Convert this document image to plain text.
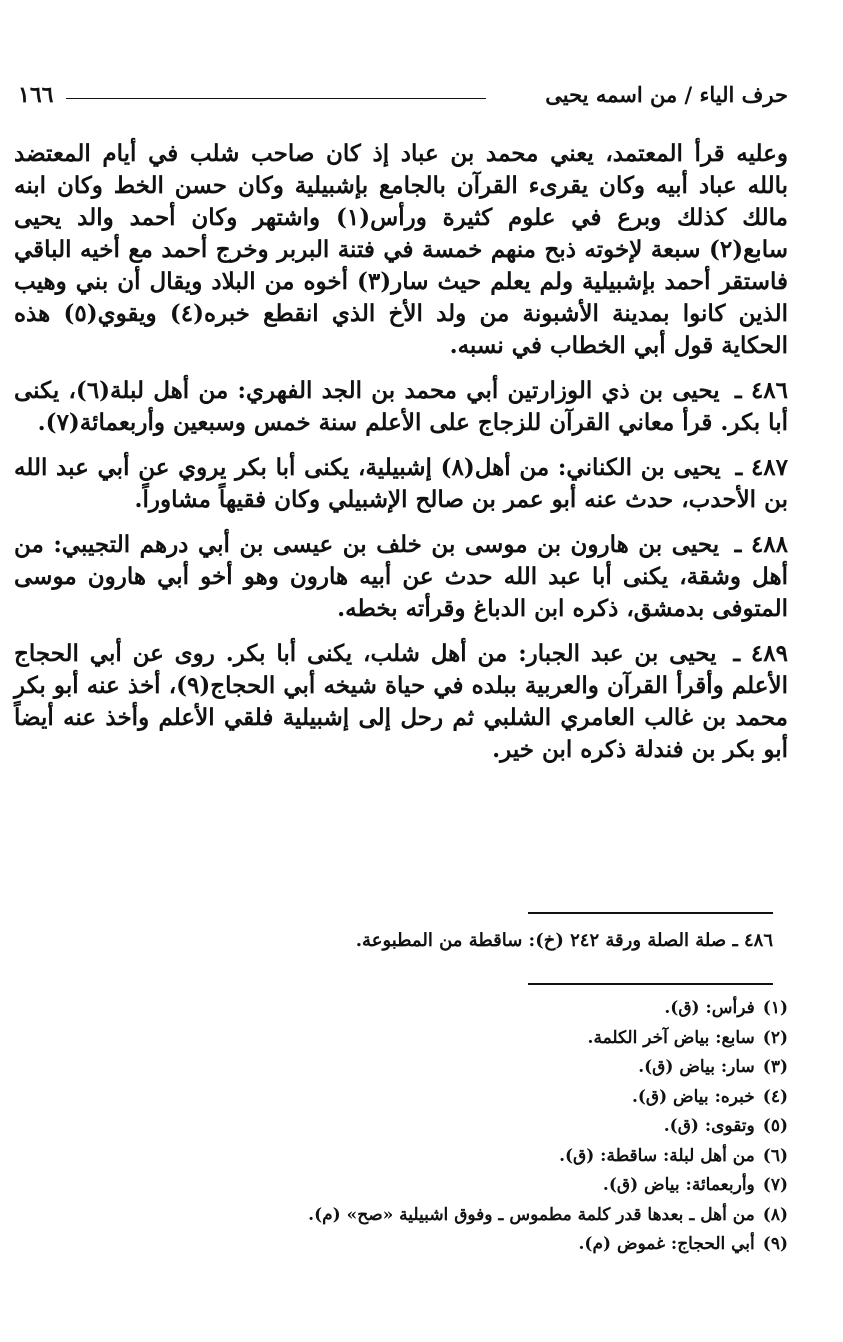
١٦٦	حرف الياء / من اسمه يحيى

وعليه قرأ المعتمد، يعني محمد بن عباد إذ كان صاحب شلب في أيام المعتضد بالله عباد أبيه وكان يقرىء القرآن بالجامع بإشبيلية وكان حسن الخط وكان ابنه مالك كذلك وبرع في علوم كثيرة ورأس(١) واشتهر وكان أحمد والد يحيى سابع(٢) سبعة لإخوته ذبح منهم خمسة في فتنة البربر وخرج أحمد مع أخيه الباقي فاستقر أحمد بإشبيلية ولم يعلم حيث سار(٣) أخوه من البلاد ويقال أن بني وهيب الذين كانوا بمدينة الأشبونة من ولد الأخ الذي انقطع خبره(٤) ويقوي(٥) هذه الحكاية قول أبي الخطاب في نسبه.

٤٨٦ ـ يحيى بن ذي الوزارتين أبي محمد بن الجد الفهري: من أهل لبلة(٦)، يكنى أبا بكر. قرأ معاني القرآن للزجاج على الأعلم سنة خمس وسبعين وأربعمائة(٧).

٤٨٧ ـ يحيى بن الكناني: من أهل(٨) إشبيلية، يكنى أبا بكر يروي عن أبي عبد الله بن الأحدب، حدث عنه أبو عمر بن صالح الإشبيلي وكان فقيهاً مشاوراً.

٤٨٨ ـ يحيى بن هارون بن موسى بن خلف بن عيسى بن أبي درهم التجيبي: من أهل وشقة، يكنى أبا عبد الله حدث عن أبيه هارون وهو أخو أبي هارون موسى المتوفى بدمشق، ذكره ابن الدباغ وقرأته بخطه.

٤٨٩ ـ يحيى بن عبد الجبار: من أهل شلب، يكنى أبا بكر. روى عن أبي الحجاج الأعلم وأقرأ القرآن والعربية ببلده في حياة شيخه أبي الحجاج(٩)، أخذ عنه أبو بكر محمد بن غالب العامري الشلبي ثم رحل إلى إشبيلية فلقي الأعلم وأخذ عنه أيضاً أبو بكر بن فندلة ذكره ابن خير.

٤٨٦ ـ صلة الصلة ورقة ٢٤٢ (خ): ساقطة من المطبوعة.
(١)فرأس: (ق).
(٢)سابع: بياض آخر الكلمة.
(٣)سار: بياض (ق).
(٤)خبره: بياض (ق).
(٥)وتقوى: (ق).
(٦)من أهل لبلة: ساقطة: (ق).
(٧)وأربعمائة: بياض (ق).
(٨)من أهل ـ بعدها قدر كلمة مطموس ـ وفوق اشبيلية «صح» (م).
(٩)أبي الحجاج: غموض (م).
